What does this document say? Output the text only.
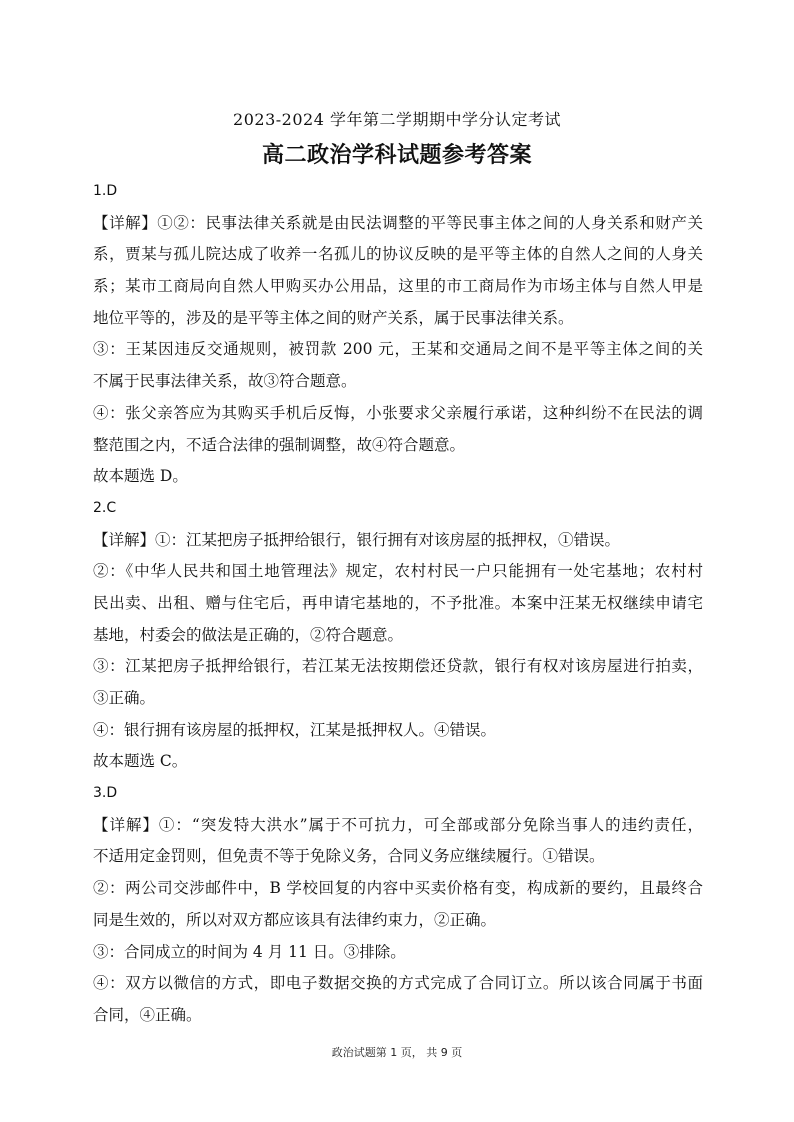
2023-2024 学年第二学期期中学分认定考试
高二政治学科试题参考答案
1.D
【详解】①②：民事法律关系就是由民法调整的平等民事主体之间的人身关系和财产关
系，贾某与孤儿院达成了收养一名孤儿的协议反映的是平等主体的自然人之间的人身关
系；某市工商局向自然人甲购买办公用品，这里的市工商局作为市场主体与自然人甲是
地位平等的，涉及的是平等主体之间的财产关系，属于民事法律关系。
③：王某因违反交通规则，被罚款 200 元，王某和交通局之间不是平等主体之间的关
不属于民事法律关系，故③符合题意。
④：张父亲答应为其购买手机后反悔，小张要求父亲履行承诺，这种纠纷不在民法的调
整范围之内，不适合法律的强制调整，故④符合题意。
故本题选 D。
2.C
【详解】①：江某把房子抵押给银行，银行拥有对该房屋的抵押权，①错误。
②：《中华人民共和国土地管理法》规定，农村村民一户只能拥有一处宅基地；农村村
民出卖、出租、赠与住宅后，再申请宅基地的，不予批准。本案中汪某无权继续申请宅
基地，村委会的做法是正确的，②符合题意。
③：江某把房子抵押给银行，若江某无法按期偿还贷款，银行有权对该房屋进行拍卖，
③正确。
④：银行拥有该房屋的抵押权，江某是抵押权人。④错误。
故本题选 C。
3.D
【详解】①：“突发特大洪水”属于不可抗力，可全部或部分免除当事人的违约责任，
不适用定金罚则，但免责不等于免除义务，合同义务应继续履行。①错误。
②：两公司交涉邮件中，B 学校回复的内容中买卖价格有变，构成新的要约，且最终合
同是生效的，所以对双方都应该具有法律约束力，②正确。
③：合同成立的时间为 4 月 11 日。③排除。
④：双方以微信的方式，即电子数据交换的方式完成了合同订立。所以该合同属于书面
合同，④正确。
政治试题第 1 页， 共 9 页
